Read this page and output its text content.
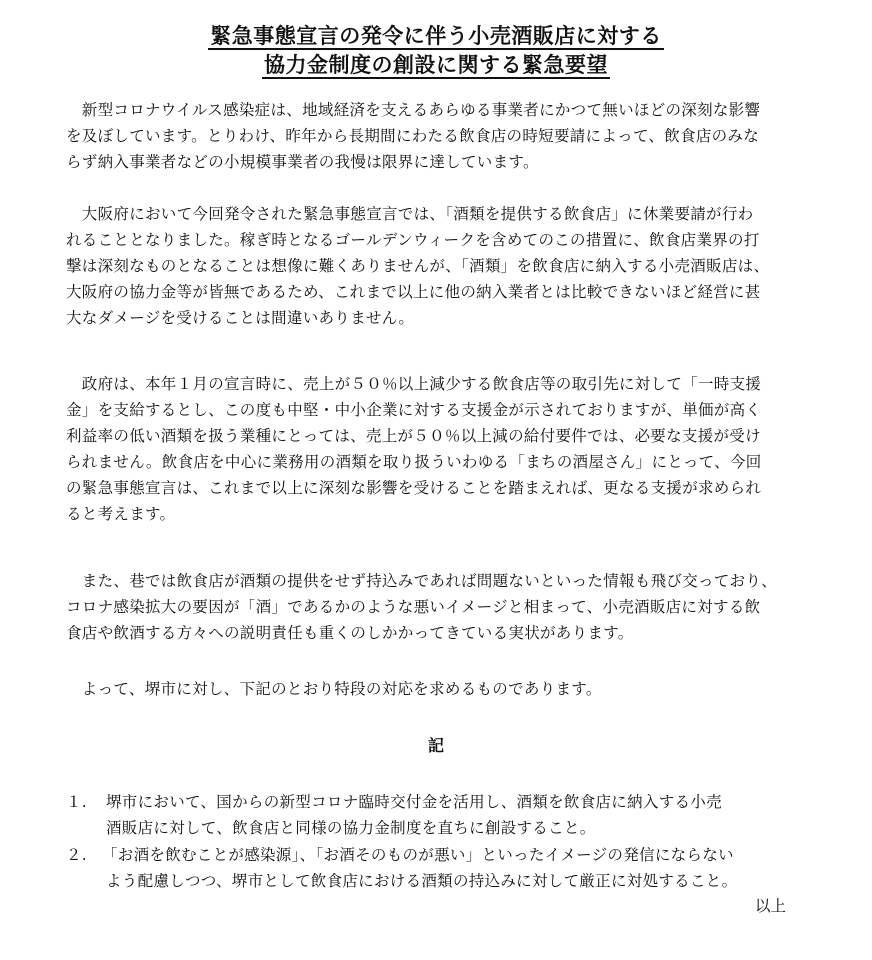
緊急事態宣言の発令に伴う小売酒販店に対する
協力金制度の創設に関する緊急要望
　新型コロナウイルス感染症は、地域経済を支えるあらゆる事業者にかつて無いほどの深刻な影響
を及ぼしています。とりわけ、昨年から長期間にわたる飲食店の時短要請によって、飲食店のみな
らず納入事業者などの小規模事業者の我慢は限界に達しています。
　大阪府において今回発令された緊急事態宣言では、「酒類を提供する飲食店」に休業要請が行わ
れることとなりました。稼ぎ時となるゴールデンウィークを含めてのこの措置に、飲食店業界の打
撃は深刻なものとなることは想像に難くありませんが、「酒類」を飲食店に納入する小売酒販店は、
大阪府の協力金等が皆無であるため、これまで以上に他の納入業者とは比較できないほど経営に甚
大なダメージを受けることは間違いありません。
　政府は、本年１月の宣言時に、売上が５０％以上減少する飲食店等の取引先に対して「一時支援
金」を支給するとし、この度も中堅・中小企業に対する支援金が示されておりますが、単価が高く
利益率の低い酒類を扱う業種にとっては、売上が５０％以上減の給付要件では、必要な支援が受け
られません。飲食店を中心に業務用の酒類を取り扱ういわゆる「まちの酒屋さん」にとって、今回
の緊急事態宣言は、これまで以上に深刻な影響を受けることを踏まえれば、更なる支援が求められ
ると考えます。
　また、巷では飲食店が酒類の提供をせず持込みであれば問題ないといった情報も飛び交っており、
コロナ感染拡大の要因が「酒」であるかのような悪いイメージと相まって、小売酒販店に対する飲
食店や飲酒する方々への説明責任も重くのしかかってきている実状があります。
　よって、堺市に対し、下記のとおり特段の対応を求めるものであります。
記
１.	堺市において、国からの新型コロナ臨時交付金を活用し、酒類を飲食店に納入する小売
酒販店に対して、飲食店と同様の協力金制度を直ちに創設すること。
２. 「お酒を飲むことが感染源」、「お酒そのものが悪い」といったイメージの発信にならない
よう配慮しつつ、堺市として飲食店における酒類の持込みに対して厳正に対処すること。
以上
